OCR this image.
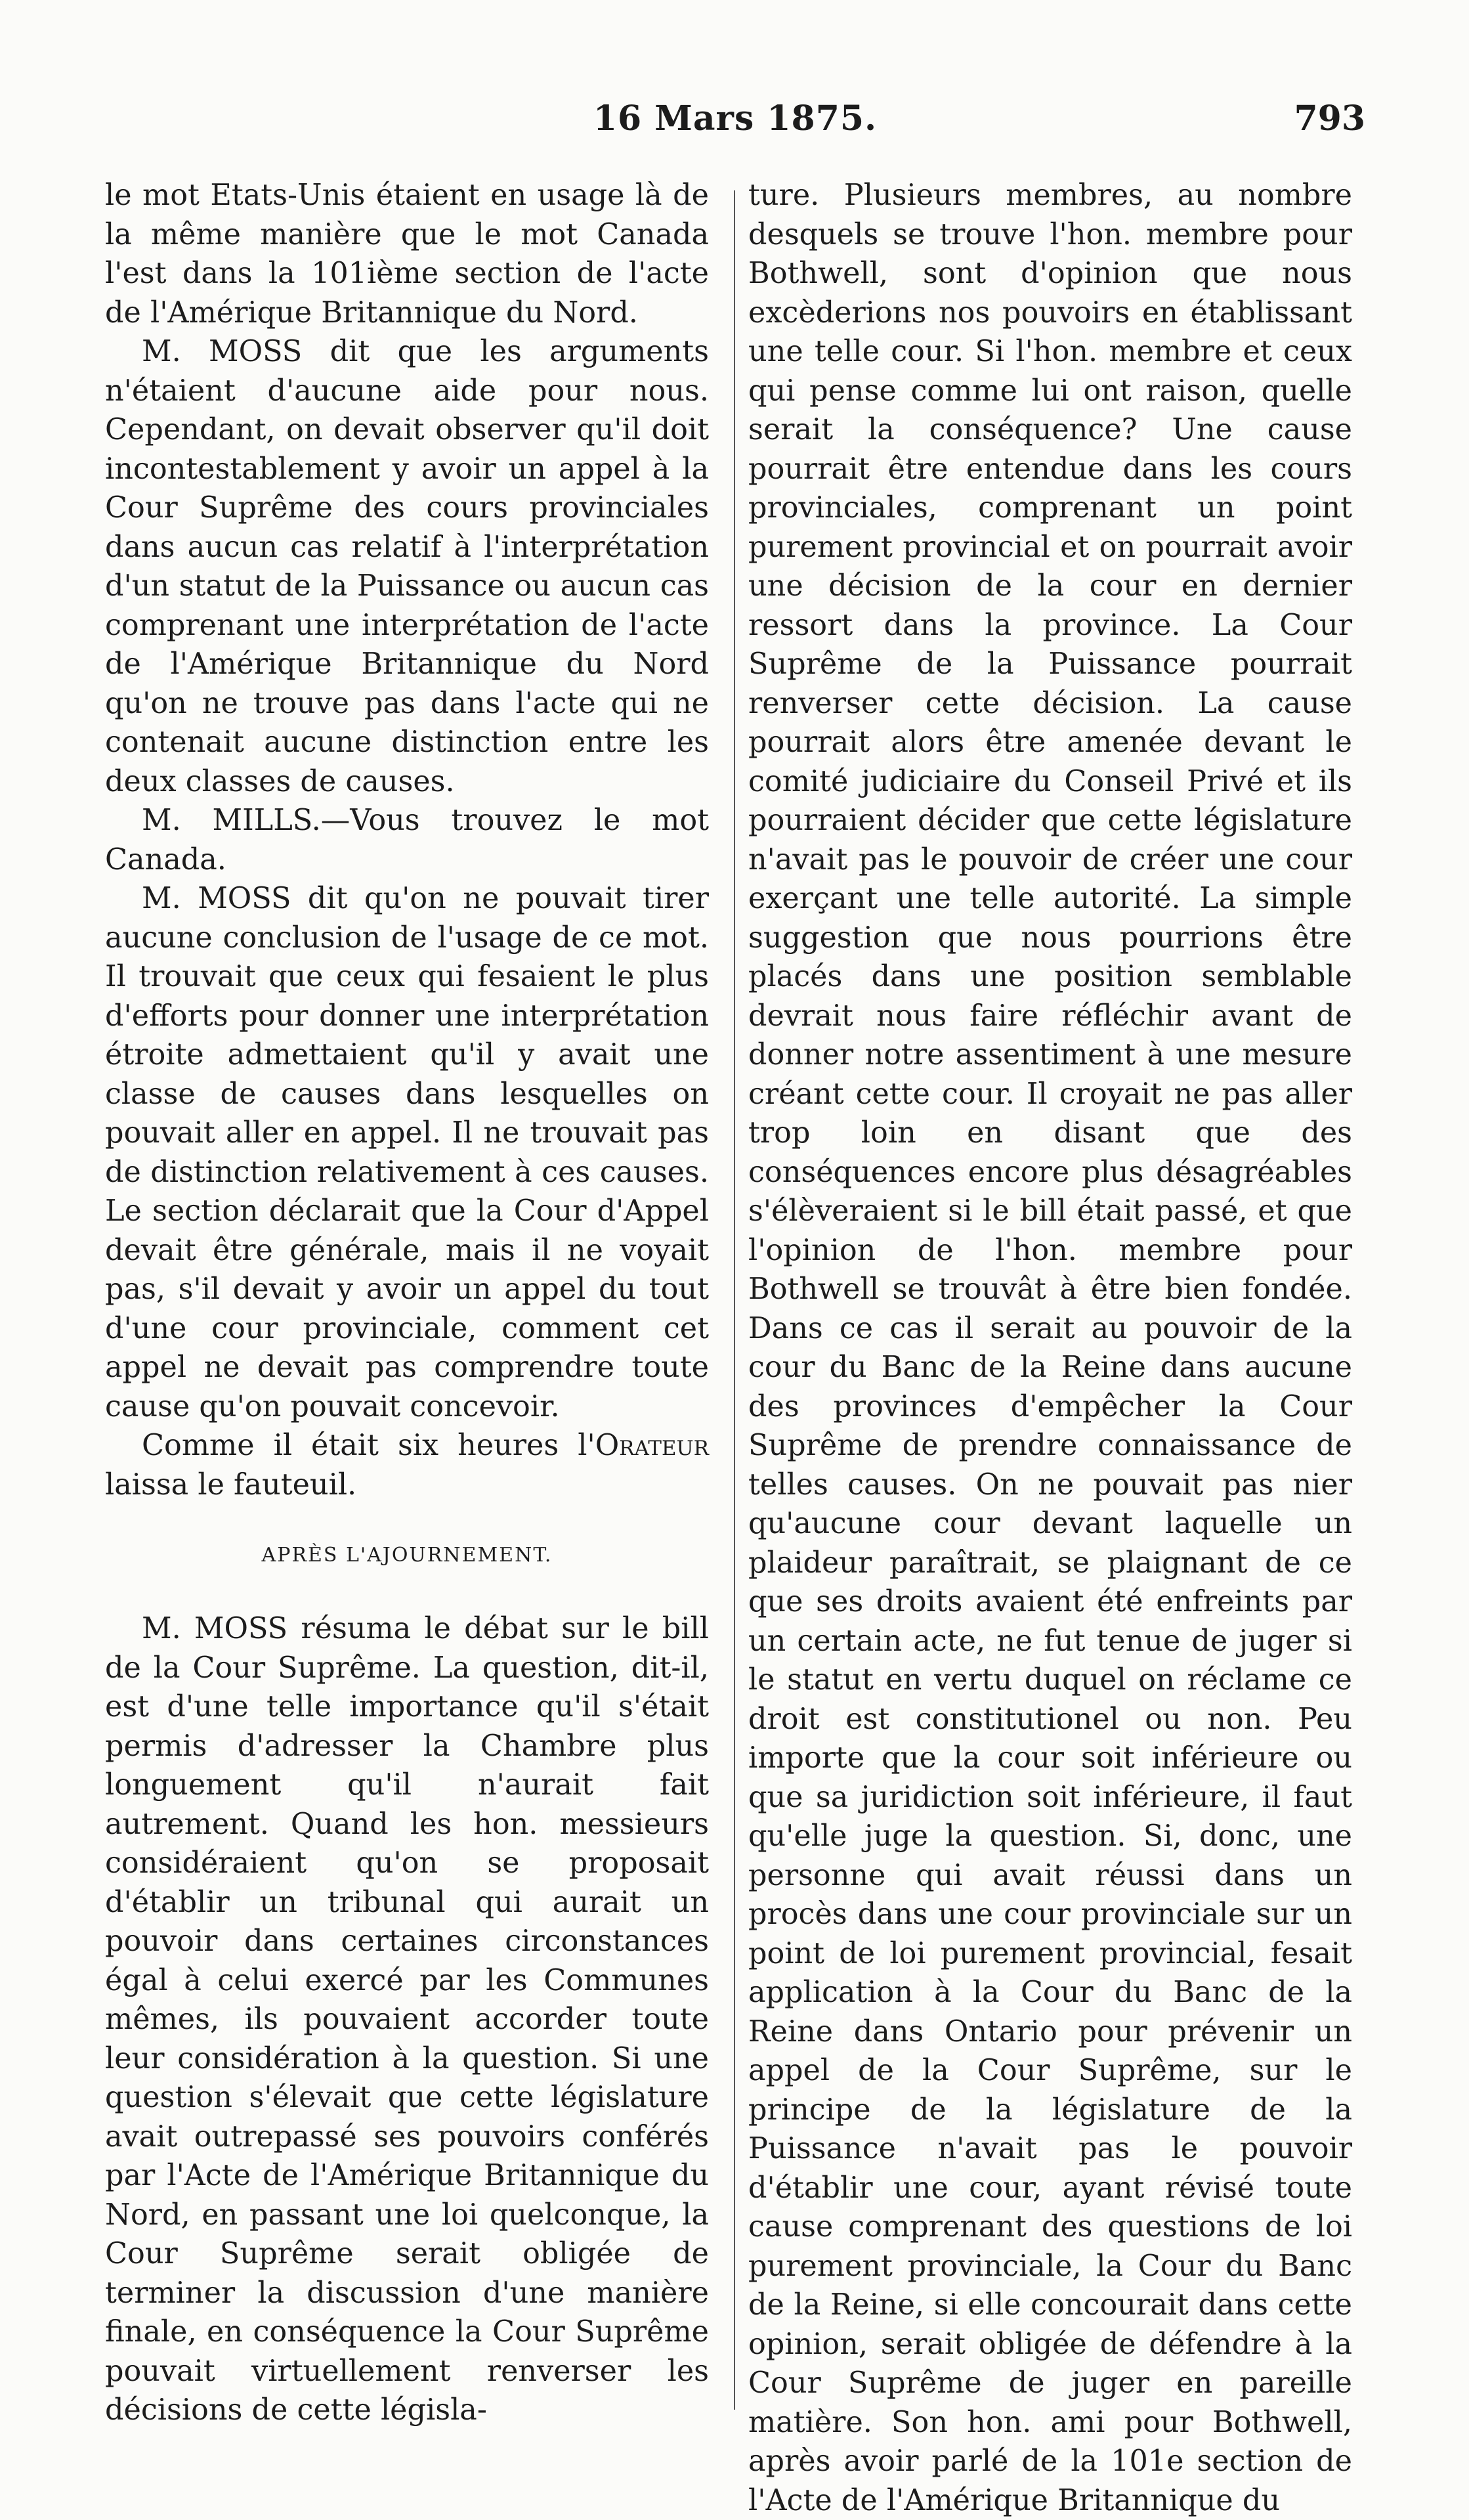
16 Mars 1875.	793

le mot Etats-Unis étaient en usage là de la même manière que le mot Canada l'est dans la 101ième section de l'acte de l'Amérique Britannique du Nord.

M. MOSS dit que les arguments n'étaient d'aucune aide pour nous. Cependant, on devait observer qu'il doit incontestablement y avoir un appel à la Cour Suprême des cours provinciales dans aucun cas relatif à l'interprétation d'un statut de la Puissance ou aucun cas comprenant une interprétation de l'acte de l'Amérique Britannique du Nord qu'on ne trouve pas dans l'acte qui ne contenait aucune distinction entre les deux classes de causes.

M. MILLS.—Vous trouvez le mot Canada.

M. MOSS dit qu'on ne pouvait tirer aucune conclusion de l'usage de ce mot. Il trouvait que ceux qui fesaient le plus d'efforts pour donner une interprétation étroite admettaient qu'il y avait une classe de causes dans lesquelles on pouvait aller en appel. Il ne trouvait pas de distinction relativement à ces causes. Le section déclarait que la Cour d'Appel devait être générale, mais il ne voyait pas, s'il devait y avoir un appel du tout d'une cour provinciale, comment cet appel ne devait pas comprendre toute cause qu'on pouvait concevoir.

Comme il était six heures l'Orateur laissa le fauteuil.

APRÈS L'AJOURNEMENT.

M. MOSS résuma le débat sur le bill de la Cour Suprême. La question, dit-il, est d'une telle importance qu'il s'était permis d'adresser la Chambre plus longuement qu'il n'aurait fait autrement. Quand les hon. messieurs considéraient qu'on se proposait d'établir un tribunal qui aurait un pouvoir dans certaines circonstances égal à celui exercé par les Communes mêmes, ils pouvaient accorder toute leur considération à la question. Si une question s'élevait que cette législature avait outrepassé ses pouvoirs conférés par l'Acte de l'Amérique Britannique du Nord, en passant une loi quelconque, la Cour Suprême serait obligée de terminer la discussion d'une manière finale, en conséquence la Cour Suprême pouvait virtuellement renverser les décisions de cette législa-

ture. Plusieurs membres, au nombre desquels se trouve l'hon. membre pour Bothwell, sont d'opinion que nous excèderions nos pouvoirs en établissant une telle cour. Si l'hon. membre et ceux qui pense comme lui ont raison, quelle serait la conséquence? Une cause pourrait être entendue dans les cours provinciales, comprenant un point purement provincial et on pourrait avoir une décision de la cour en dernier ressort dans la province. La Cour Suprême de la Puissance pourrait renverser cette décision. La cause pourrait alors être amenée devant le comité judiciaire du Conseil Privé et ils pourraient décider que cette législature n'avait pas le pouvoir de créer une cour exerçant une telle autorité. La simple suggestion que nous pourrions être placés dans une position semblable devrait nous faire réfléchir avant de donner notre assentiment à une mesure créant cette cour. Il croyait ne pas aller trop loin en disant que des conséquences encore plus désagréables s'élèveraient si le bill était passé, et que l'opinion de l'hon. membre pour Bothwell se trouvât à être bien fondée. Dans ce cas il serait au pouvoir de la cour du Banc de la Reine dans aucune des provinces d'empêcher la Cour Suprême de prendre connaissance de telles causes. On ne pouvait pas nier qu'aucune cour devant laquelle un plaideur paraîtrait, se plaignant de ce que ses droits avaient été enfreints par un certain acte, ne fut tenue de juger si le statut en vertu duquel on réclame ce droit est constitutionel ou non. Peu importe que la cour soit inférieure ou que sa juridiction soit inférieure, il faut qu'elle juge la question. Si, donc, une personne qui avait réussi dans un procès dans une cour provinciale sur un point de loi purement provincial, fesait application à la Cour du Banc de la Reine dans Ontario pour prévenir un appel de la Cour Suprême, sur le principe de la législature de la Puissance n'avait pas le pouvoir d'établir une cour, ayant révisé toute cause comprenant des questions de loi purement provinciale, la Cour du Banc de la Reine, si elle concourait dans cette opinion, serait obligée de défendre à la Cour Suprême de juger en pareille matière. Son hon. ami pour Bothwell, après avoir parlé de la 101e section de l'Acte de l'Amérique Britannique du
